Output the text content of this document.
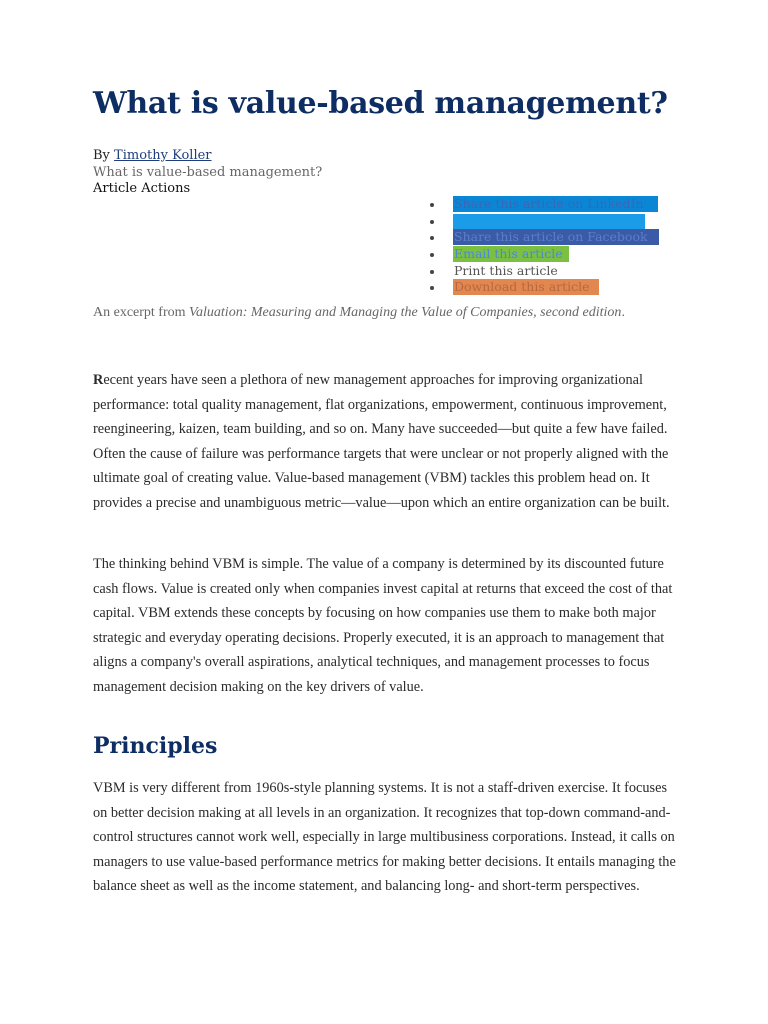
What is value-based management?
By Timothy Koller
What is value-based management?
Article Actions
Share this article on LinkedIn
Share this article on Facebook
Email this article
Print this article
Download this article
An excerpt from Valuation: Measuring and Managing the Value of Companies, second edition.

Recent years have seen a plethora of new management approaches for improving organizational performance: total quality management, flat organizations, empowerment, continuous improvement, reengineering, kaizen, team building, and so on. Many have succeeded—but quite a few have failed. Often the cause of failure was performance targets that were unclear or not properly aligned with the ultimate goal of creating value. Value-based management (VBM) tackles this problem head on. It provides a precise and unambiguous metric—value—upon which an entire organization can be built.

The thinking behind VBM is simple. The value of a company is determined by its discounted future cash flows. Value is created only when companies invest capital at returns that exceed the cost of that capital. VBM extends these concepts by focusing on how companies use them to make both major strategic and everyday operating decisions. Properly executed, it is an approach to management that aligns a company's overall aspirations, analytical techniques, and management processes to focus management decision making on the key drivers of value.

Principles

VBM is very different from 1960s-style planning systems. It is not a staff-driven exercise. It focuses on better decision making at all levels in an organization. It recognizes that top-down command-and-control structures cannot work well, especially in large multibusiness corporations. Instead, it calls on managers to use value-based performance metrics for making better decisions. It entails managing the balance sheet as well as the income statement, and balancing long- and short-term perspectives.
